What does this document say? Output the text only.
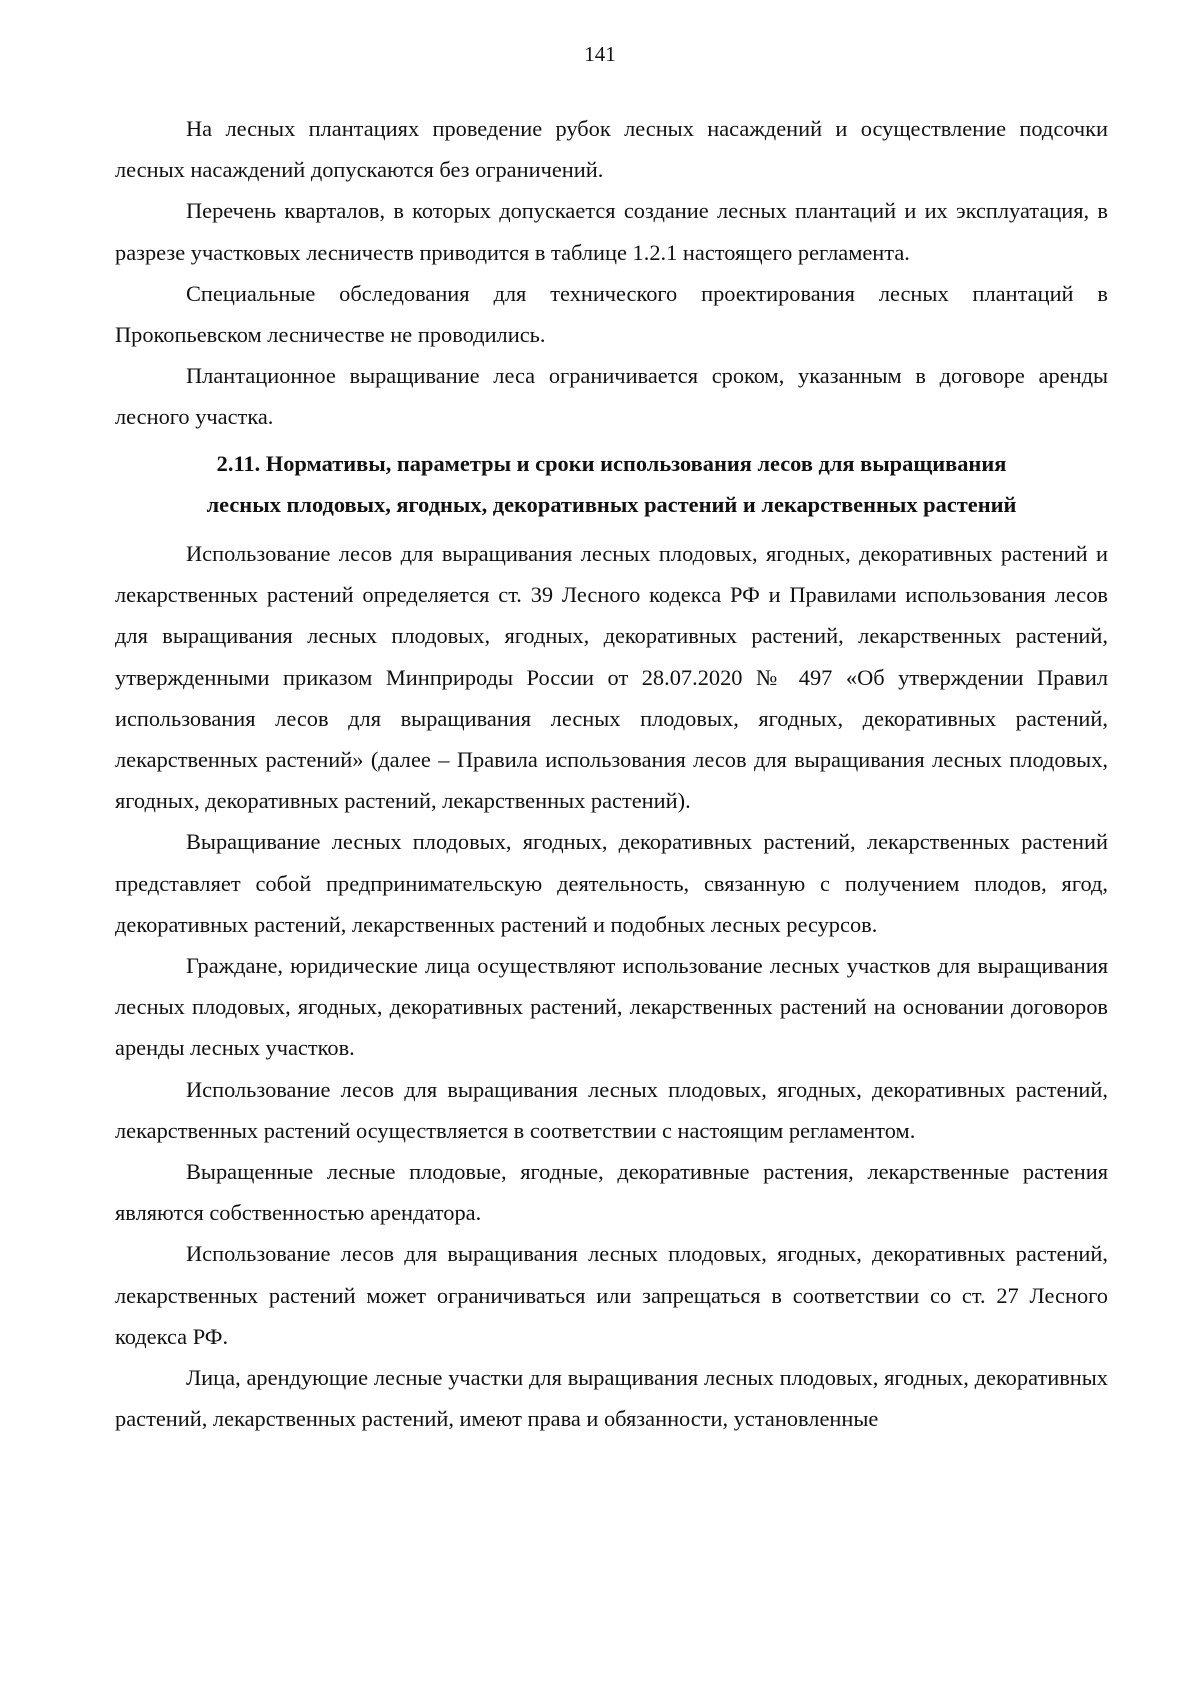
141

На лесных плантациях проведение рубок лесных насаждений и осуществление подсочки лесных насаждений допускаются без ограничений.

Перечень кварталов, в которых допускается создание лесных плантаций и их эксплуатация, в разрезе участковых лесничеств приводится в таблице 1.2.1 настоящего регламента.

Специальные обследования для технического проектирования лесных плантаций в Прокопьевском лесничестве не проводились.

Плантационное выращивание леса ограничивается сроком, указанным в договоре аренды лесного участка.

2.11. Нормативы, параметры и сроки использования лесов для выращивания
лесных плодовых, ягодных, декоративных растений и лекарственных растений

Использование лесов для выращивания лесных плодовых, ягодных, декоративных растений и лекарственных растений определяется ст. 39 Лесного кодекса РФ и Правилами использования лесов для выращивания лесных плодовых, ягодных, декоративных растений, лекарственных растений, утвержденными приказом Минприроды России от 28.07.2020 № 497 «Об утверждении Правил использования лесов для выращивания лесных плодовых, ягодных, декоративных растений, лекарственных растений» (далее – Правила использования лесов для выращивания лесных плодовых, ягодных, декоративных растений, лекарственных растений).

Выращивание лесных плодовых, ягодных, декоративных растений, лекарственных растений представляет собой предпринимательскую деятельность, связанную с получением плодов, ягод, декоративных растений, лекарственных растений и подобных лесных ресурсов.

Граждане, юридические лица осуществляют использование лесных участков для выращивания лесных плодовых, ягодных, декоративных растений, лекарственных растений на основании договоров аренды лесных участков.

Использование лесов для выращивания лесных плодовых, ягодных, декоративных растений, лекарственных растений осуществляется в соответствии с настоящим регламентом.

Выращенные лесные плодовые, ягодные, декоративные растения, лекарственные растения являются собственностью арендатора.

Использование лесов для выращивания лесных плодовых, ягодных, декоративных растений, лекарственных растений может ограничиваться или запрещаться в соответствии со ст. 27 Лесного кодекса РФ.

Лица, арендующие лесные участки для выращивания лесных плодовых, ягодных, декоративных растений, лекарственных растений, имеют права и обязанности, установленные
